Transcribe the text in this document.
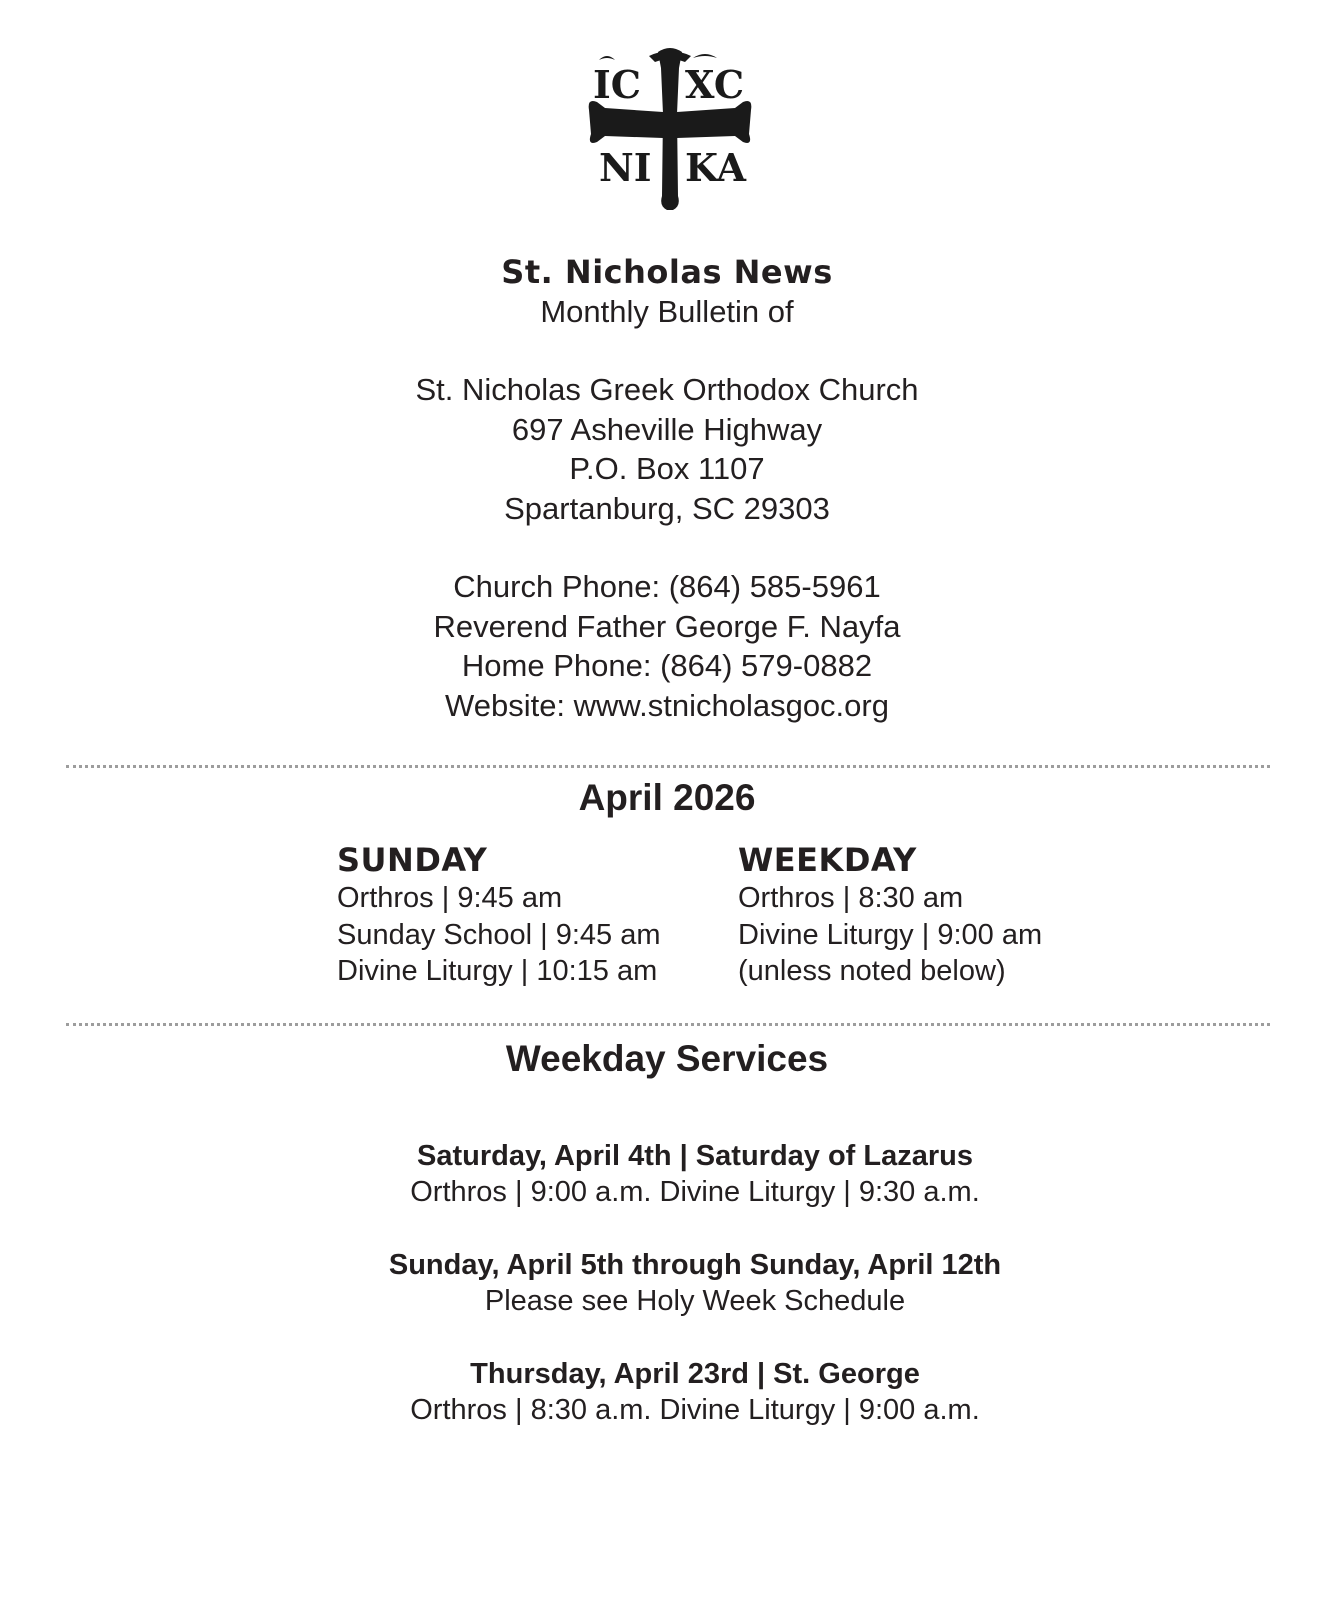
IC XC
NI KA
St. Nicholas News
Monthly Bulletin of
St. Nicholas Greek Orthodox Church
697 Asheville Highway
P.O. Box 1107
Spartanburg, SC 29303
Church Phone: (864) 585-5961
Reverend Father George F. Nayfa
Home Phone: (864) 579-0882
Website: www.stnicholasgoc.org
April 2026
SUNDAY
Orthros | 9:45 am
Sunday School | 9:45 am
Divine Liturgy | 10:15 am
WEEKDAY
Orthros | 8:30 am
Divine Liturgy | 9:00 am
(unless noted below)
Weekday Services
Saturday, April 4th | Saturday of Lazarus
Orthros | 9:00 a.m. Divine Liturgy | 9:30 a.m.
Sunday, April 5th through Sunday, April 12th
Please see Holy Week Schedule
Thursday, April 23rd | St. George
Orthros | 8:30 a.m. Divine Liturgy | 9:00 a.m.
